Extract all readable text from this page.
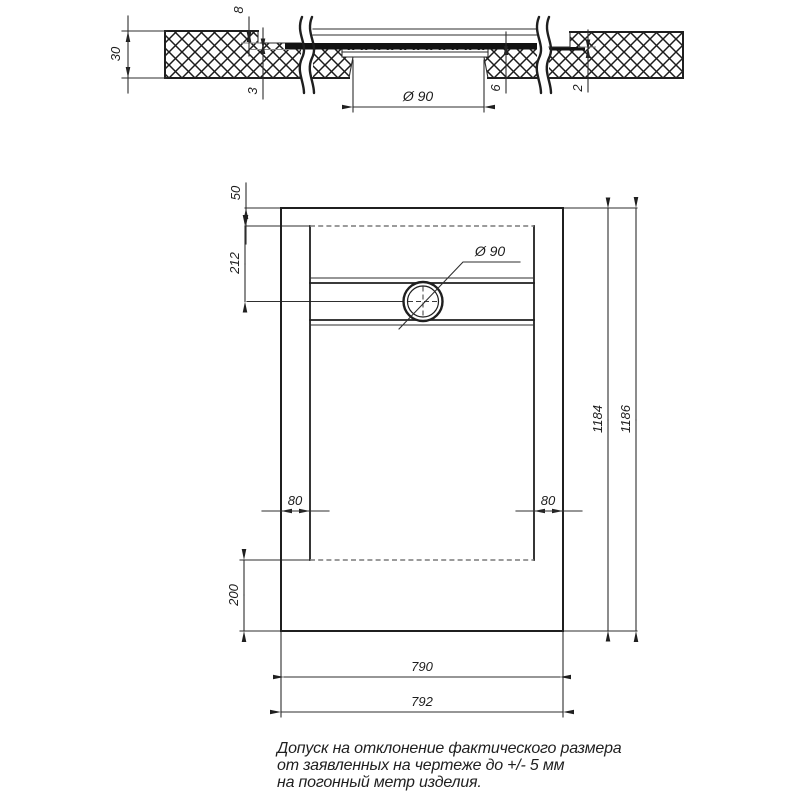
30
8
3	6	2
Ø 90
Ø 90
50
212
1184 1186
80	80
200
790
792
Допуск на отклонение фактического размера
от заявленных на чертеже до +/- 5 мм
на погонный метр изделия.
